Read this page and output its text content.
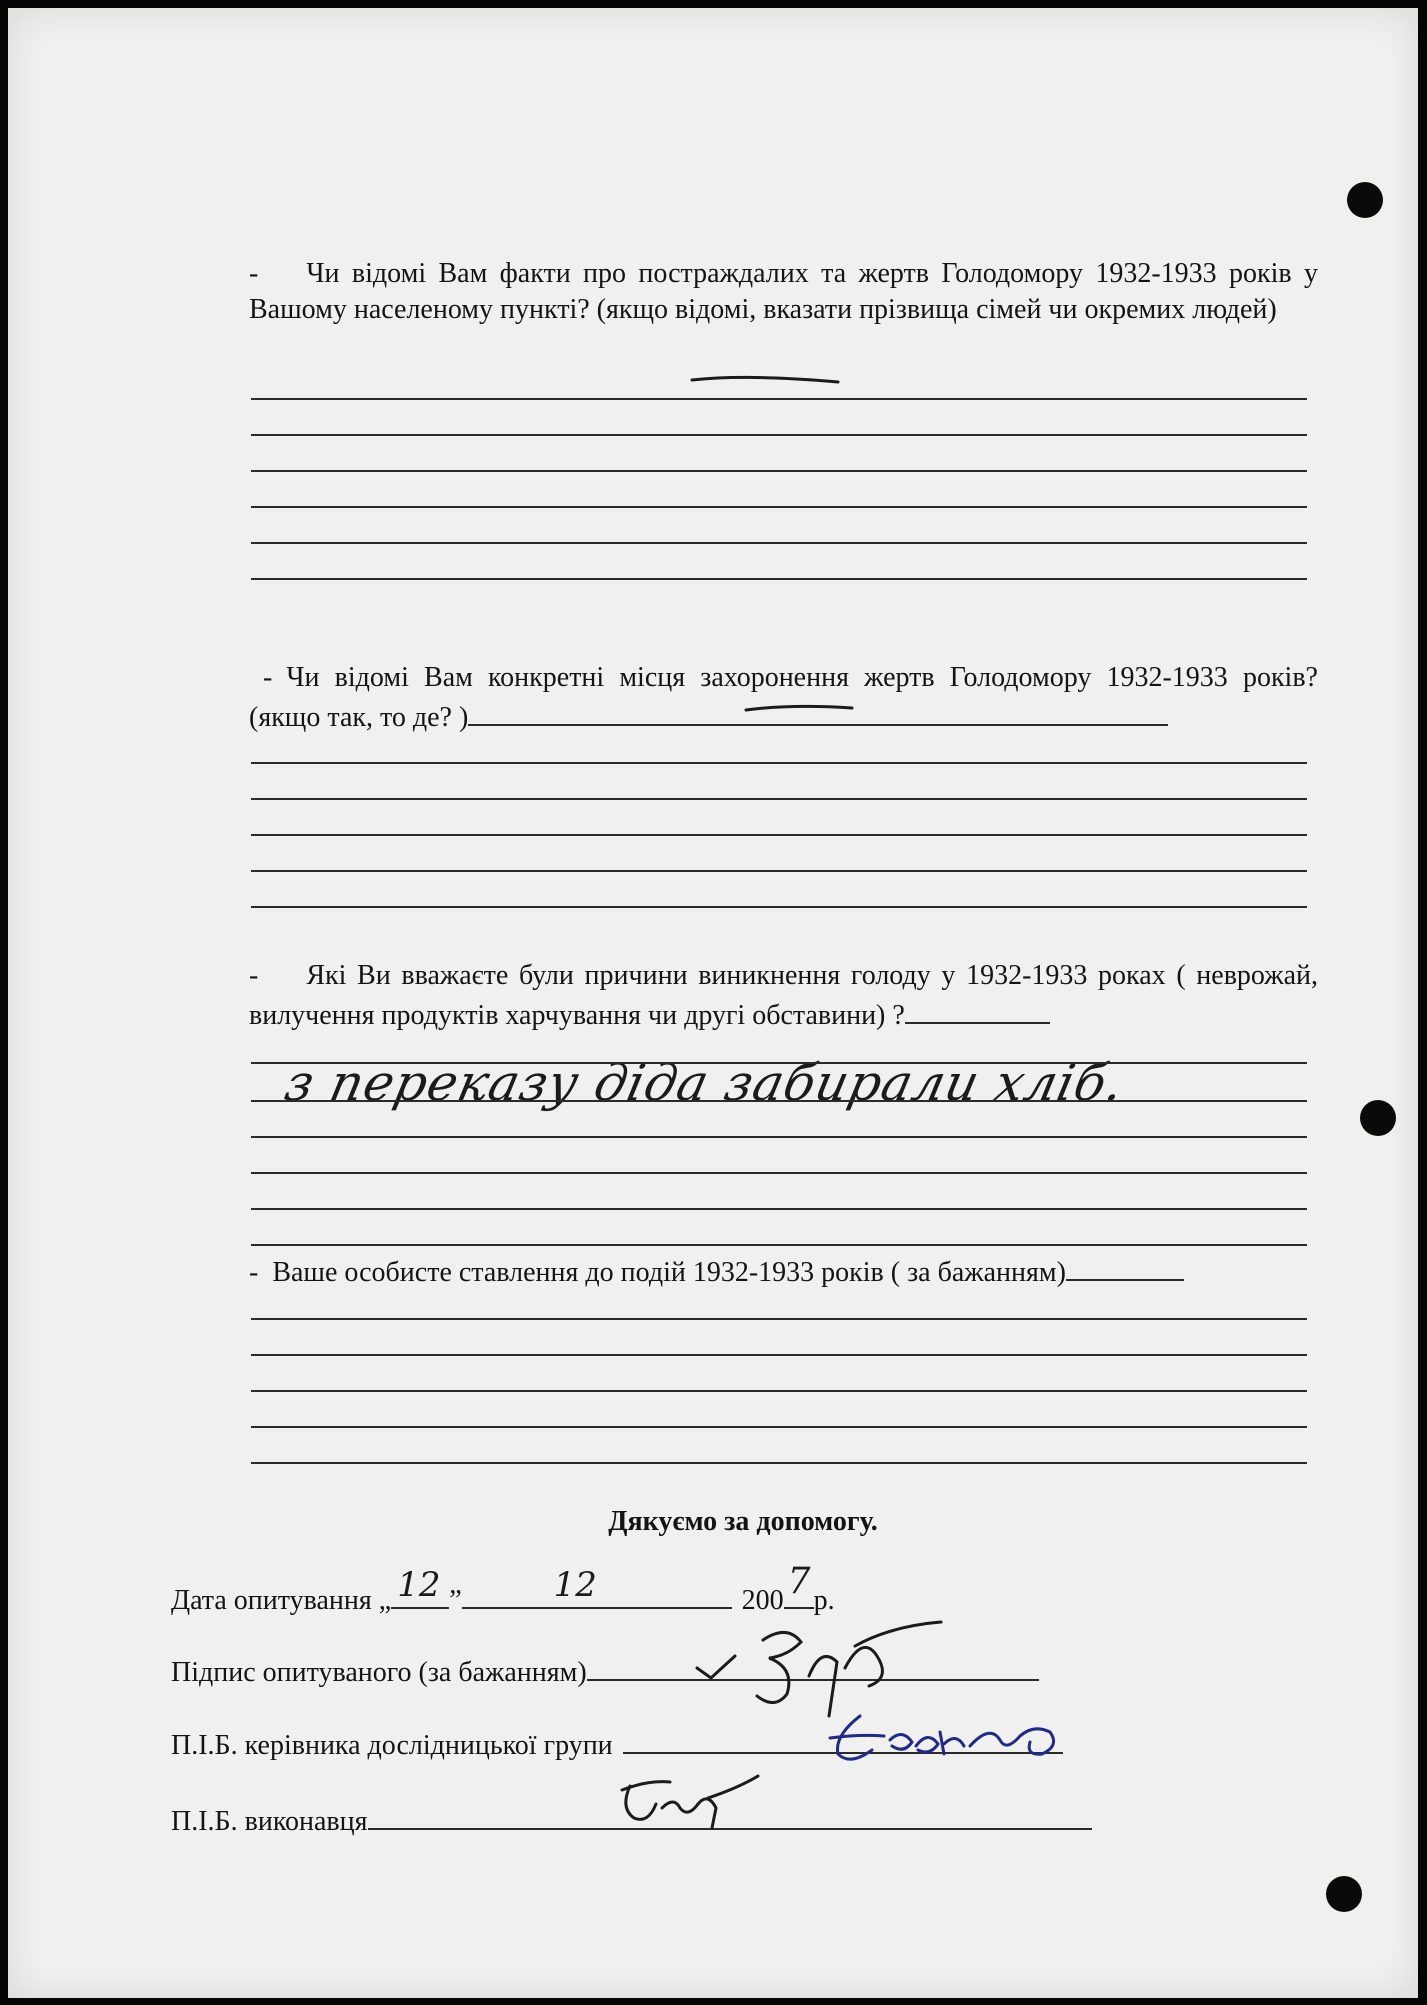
- Чи відомі Вам факти про постраждалих та жертв Голодомору 1932-1933 років у Вашому населеному пункті? (якщо відомі, вказати прізвища сімей чи окремих людей)
- Чи відомі Вам конкретні місця захоронення жертв Голодомору 1932-1933 років? (якщо так, то де? )
- Які Ви вважаєте були причини виникнення голоду у 1932-1933 роках ( неврожай, вилучення продуктів харчування чи другі обставини) ?
з переказу діда забирали хліб.
- Ваше особисте ставлення до подій 1932-1933 років ( за бажанням)
Дякуємо за допомогу.
Дата опитування „ 12 ”	12	200 7 р.
Підпис опитуваного (за бажанням)
П.І.Б. керівника дослідницької групи
П.І.Б. виконавця
